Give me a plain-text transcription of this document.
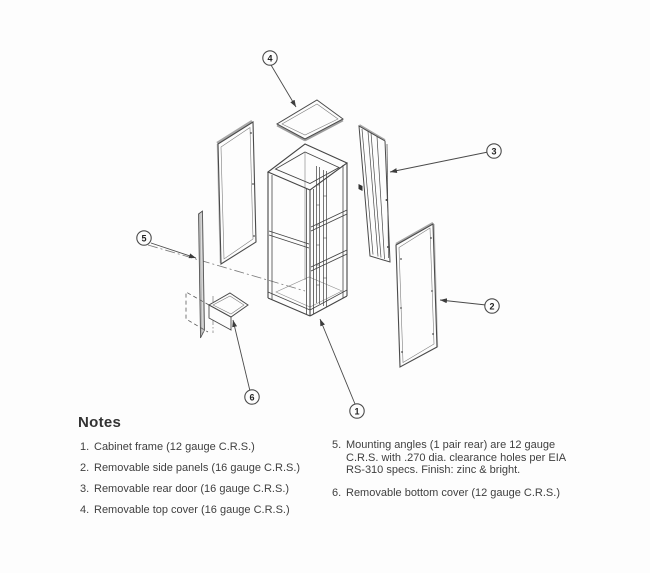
1
2
3
4
5
6
Notes
1. Cabinet frame (12 gauge C.R.S.)
2. Removable side panels (16 gauge C.R.S.)
3. Removable rear door (16 gauge C.R.S.)
4. Removable top cover (16 gauge C.R.S.)
5. Mounting angles (1 pair rear) are 12 gauge C.R.S. with .270 dia. clearance holes per EIA RS-310 specs. Finish: zinc & bright.
6. Removable bottom cover (12 gauge C.R.S.)
